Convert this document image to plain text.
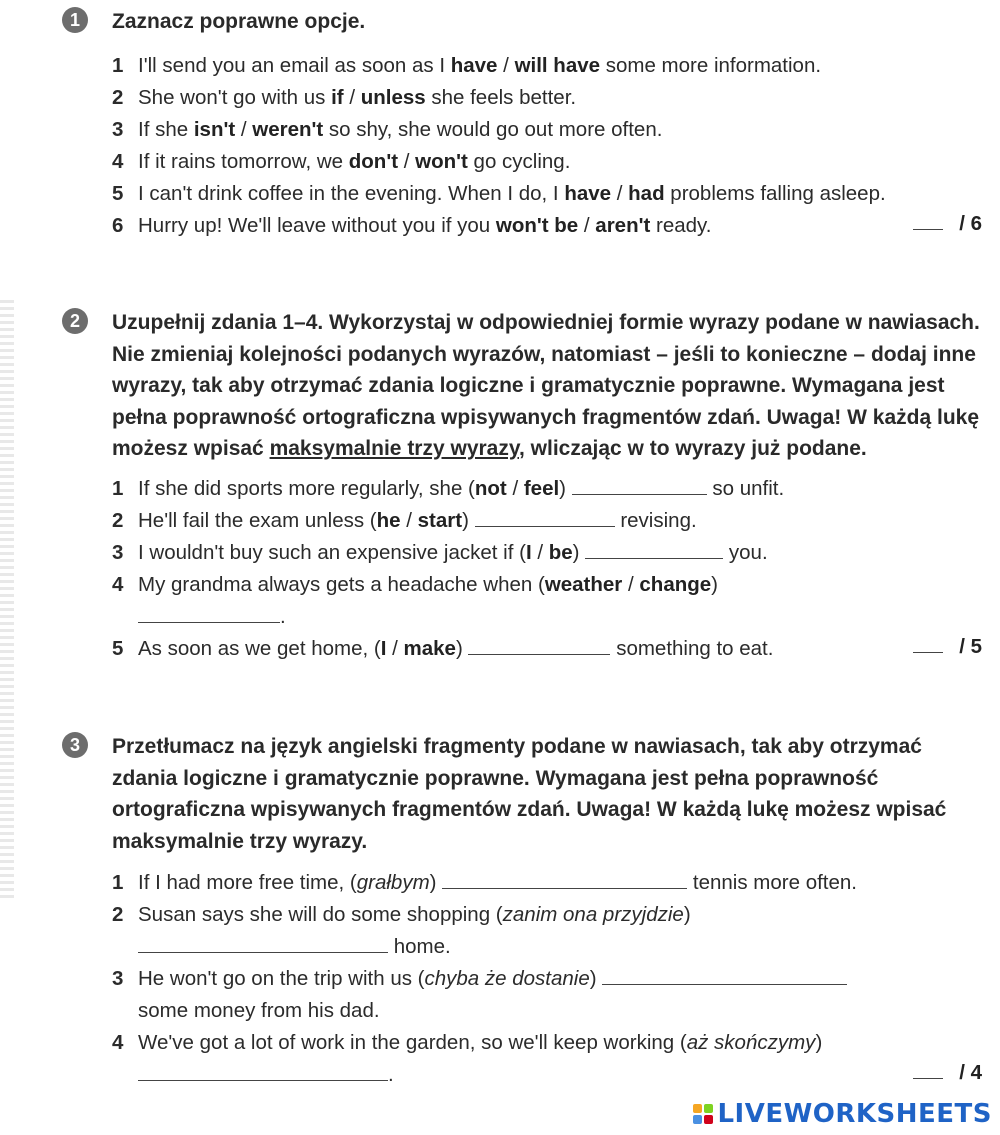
1	Zaznacz poprawne opcje.
1 I'll send you an email as soon as I have / will have some more information.
2 She won't go with us if / unless she feels better.
3 If she isn't / weren't so shy, she would go out more often.
4 If it rains tomorrow, we don't / won't go cycling.
5 I can't drink coffee in the evening. When I do, I have / had problems falling asleep.
6 Hurry up! We'll leave without you if you won't be / aren't ready.	/ 6
2	Uzupełnij zdania 1–4. Wykorzystaj w odpowiedniej formie wyrazy podane w nawiasach. Nie zmieniaj kolejności podanych wyrazów, natomiast – jeśli to konieczne – dodaj inne wyrazy, tak aby otrzymać zdania logiczne i gramatycznie poprawne. Wymagana jest pełna poprawność ortograficzna wpisywanych fragmentów zdań. Uwaga! W każdą lukę możesz wpisać maksymalnie trzy wyrazy, wliczając w to wyrazy już podane.
1 If she did sports more regularly, she (not / feel)	so unfit.
2 He'll fail the exam unless (he / start)	revising.
3 I wouldn't buy such an expensive jacket if (I / be)	you.
4 My grandma always gets a headache when (weather / change)
.
5 As soon as we get home, (I / make)	something to eat.	/ 5
3	Przetłumacz na język angielski fragmenty podane w nawiasach, tak aby otrzymać zdania logiczne i gramatycznie poprawne. Wymagana jest pełna poprawność ortograficzna wpisywanych fragmentów zdań. Uwaga! W każdą lukę możesz wpisać maksymalnie trzy wyrazy.
1 If I had more free time, (grałbym)	tennis more often.
2 Susan says she will do some shopping (zanim ona przyjdzie)
home.
3 He won't go on the trip with us (chyba że dostanie)
some money from his dad.
4 We've got a lot of work in the garden, so we'll keep working (aż skończymy)
.	/ 4
LIVEWORKSHEETS
